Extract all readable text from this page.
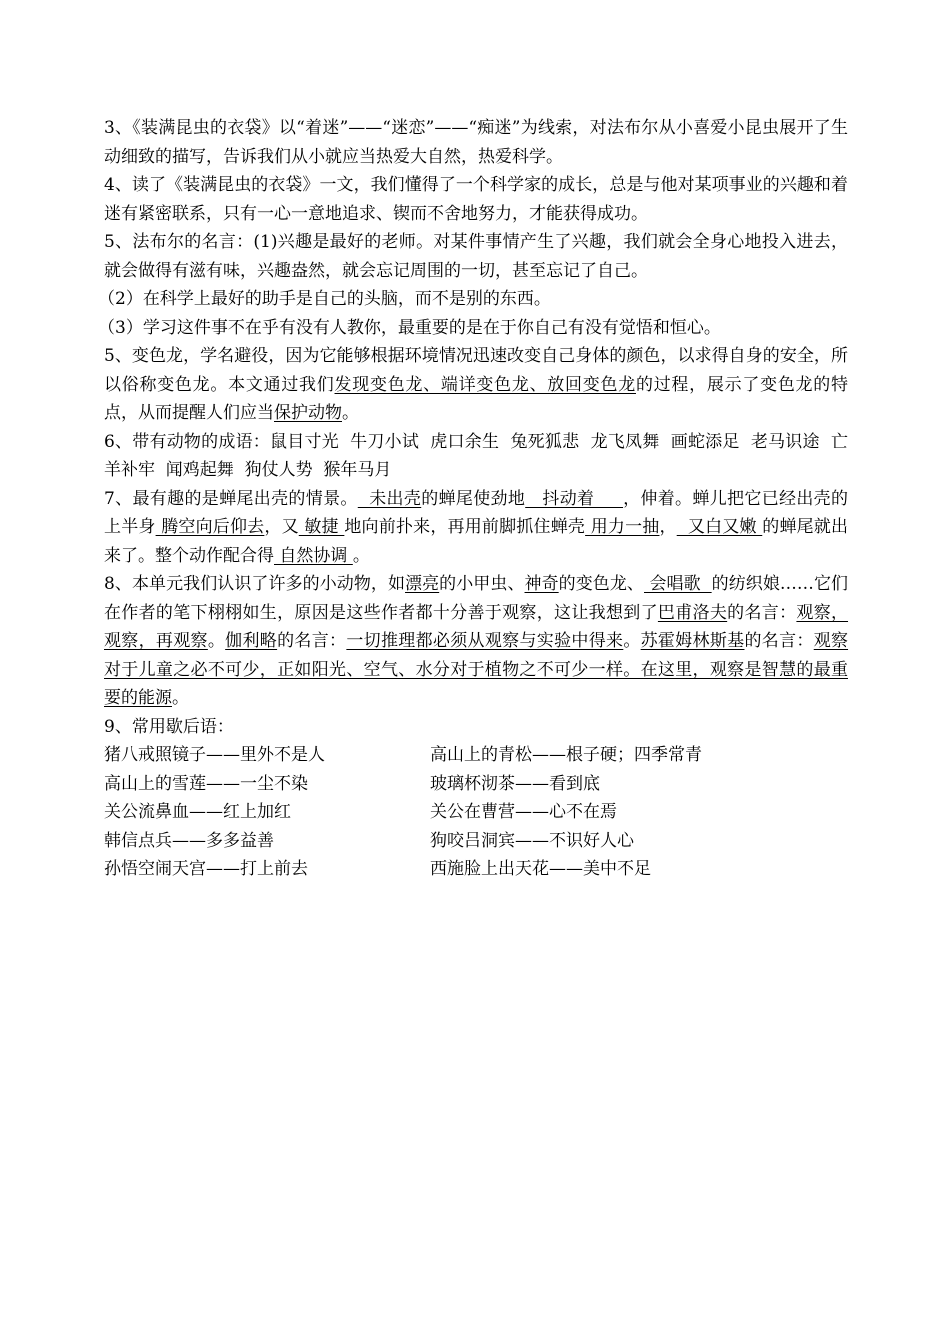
3、《装满昆虫的衣袋》以“着迷”——“迷恋”——“痴迷”为线索，对法布尔从小喜爱小昆虫展开了生动细致的描写，告诉我们从小就应当热爱大自然，热爱科学。

4、读了《装满昆虫的衣袋》一文，我们懂得了一个科学家的成长，总是与他对某项事业的兴趣和着迷有紧密联系，只有一心一意地追求、锲而不舍地努力，才能获得成功。

5、法布尔的名言：(1)兴趣是最好的老师。对某件事情产生了兴趣，我们就会全身心地投入进去，就会做得有滋有味，兴趣盎然，就会忘记周围的一切，甚至忘记了自己。

（2）在科学上最好的助手是自己的头脑，而不是别的东西。

（3）学习这件事不在乎有没有人教你，最重要的是在于你自己有没有觉悟和恒心。

5、变色龙，学名避役，因为它能够根据环境情况迅速改变自己身体的颜色，以求得自身的安全，所以俗称变色龙。本文通过我们发现变色龙、端详变色龙、放回变色龙的过程，展示了变色龙的特点，从而提醒人们应当保护动物。

6、带有动物的成语：鼠目寸光  牛刀小试  虎口余生  兔死狐悲  龙飞凤舞  画蛇添足  老马识途  亡羊补牢  闻鸡起舞  狗仗人势  猴年马月

7、最有趣的是蝉尾出壳的情景。  未出壳的蝉尾使劲地   抖动着     ，伸着。蝉儿把它已经出壳的上半身 腾空向后仰去，又 敏捷 地向前扑来，再用前脚抓住蝉壳 用力一抽，  又白又嫩 的蝉尾就出来了。整个动作配合得 自然协调 。

8、本单元我们认识了许多的小动物，如漂亮的小甲虫、神奇的变色龙、 会唱歌  的纺织娘……它们在作者的笔下栩栩如生，原因是这些作者都十分善于观察，这让我想到了巴甫洛夫的名言：观察，观察，再观察。伽利略的名言：一切推理都必须从观察与实验中得来。苏霍姆林斯基的名言：观察对于儿童之必不可少，正如阳光、空气、水分对于植物之不可少一样。在这里，观察是智慧的最重要的能源。

9、常用歇后语：

猪八戒照镜子——里外不是人	高山上的青松——根子硬；四季常青
高山上的雪莲——一尘不染	玻璃杯沏茶——看到底
关公流鼻血——红上加红	关公在曹营——心不在焉
韩信点兵——多多益善	狗咬吕洞宾——不识好人心
孙悟空闹天宫——打上前去	西施脸上出天花——美中不足
